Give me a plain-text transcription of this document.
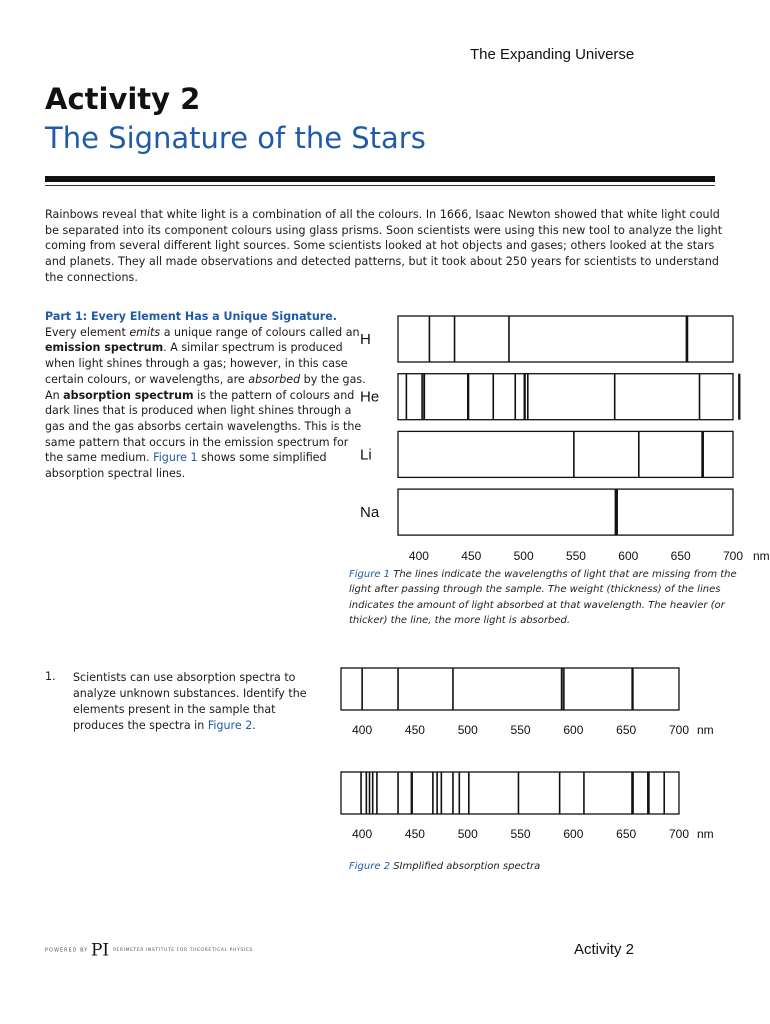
The Expanding Universe
Activity 2
The Signature of the Stars
Rainbows reveal that white light is a combination of all the colours. In 1666, Isaac Newton showed that white light could be separated into its component colours using glass prisms. Soon scientists were using this new tool to analyze the light coming from several different light sources. Some scientists looked at hot objects and gases; others looked at the stars and planets. They all made observations and detected patterns, but it took about 250 years for scientists to understand the connections.
Part 1: Every Element Has a Unique Signature.
Every element emits a unique range of colours called an emission spectrum. A similar spectrum is produced when light shines through a gas; however, in this case certain colours, or wavelengths, are absorbed by the gas. An absorption spectrum is the pattern of colours and dark lines that is produced when light shines through a gas and the gas absorbs certain wavelengths. This is the same pattern that occurs in the emission spectrum for the same medium. Figure 1 shows some simplified absorption spectral lines.
H
He
Li
Na
400	450	500	550	600	650	700 nm
Figure 1 The lines indicate the wavelengths of light that are missing from the light after passing through the sample. The weight (thickness) of the lines indicates the amount of light absorbed at that wavelength. The heavier (or thicker) the line, the more light is absorbed.
1. Scientists can use absorption spectra to analyze unknown substances. Identify the elements present in the sample that produces the spectra in Figure 2.	400	450	500	550	600	650	700 nm
400	450	500	550	600	650	700 nm
Figure 2 SImplified absorption spectra
POWERED BY PI PERIMETER INSTITUTE FOR THEORETICAL PHYSICS	Activity 2
